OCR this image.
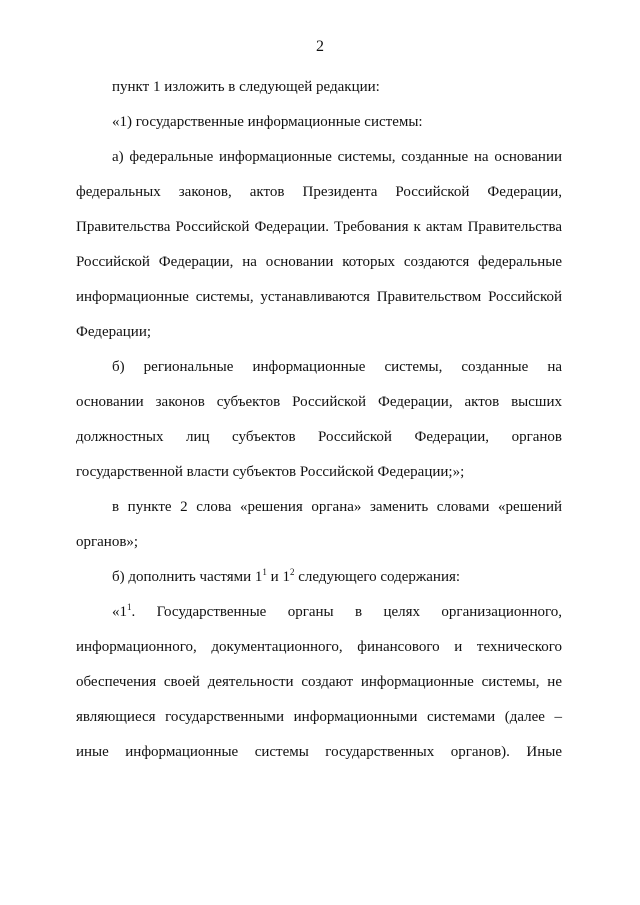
2
пункт 1 изложить в следующей редакции:
«1) государственные информационные системы:
а) федеральные информационные системы, созданные на основании
федеральных законов, актов Президента Российской Федерации,
Правительства Российской Федерации. Требования к актам Правительства
Российской Федерации, на основании которых создаются федеральные
информационные системы, устанавливаются Правительством Российской
Федерации;
б) региональные информационные системы, созданные на
основании законов субъектов Российской Федерации, актов высших
должностных лиц субъектов Российской Федерации, органов
государственной власти субъектов Российской Федерации;»;
в пункте 2 слова «решения органа» заменить словами «решений
органов»;
б) дополнить частями $1^1$ и $1^2$ следующего содержания:
«$1^1$. Государственные органы в целях организационного,
информационного, документационного, финансового и технического
обеспечения своей деятельности создают информационные системы, не
являющиеся государственными информационными системами (далее –
иные информационные системы государственных органов). Иные
